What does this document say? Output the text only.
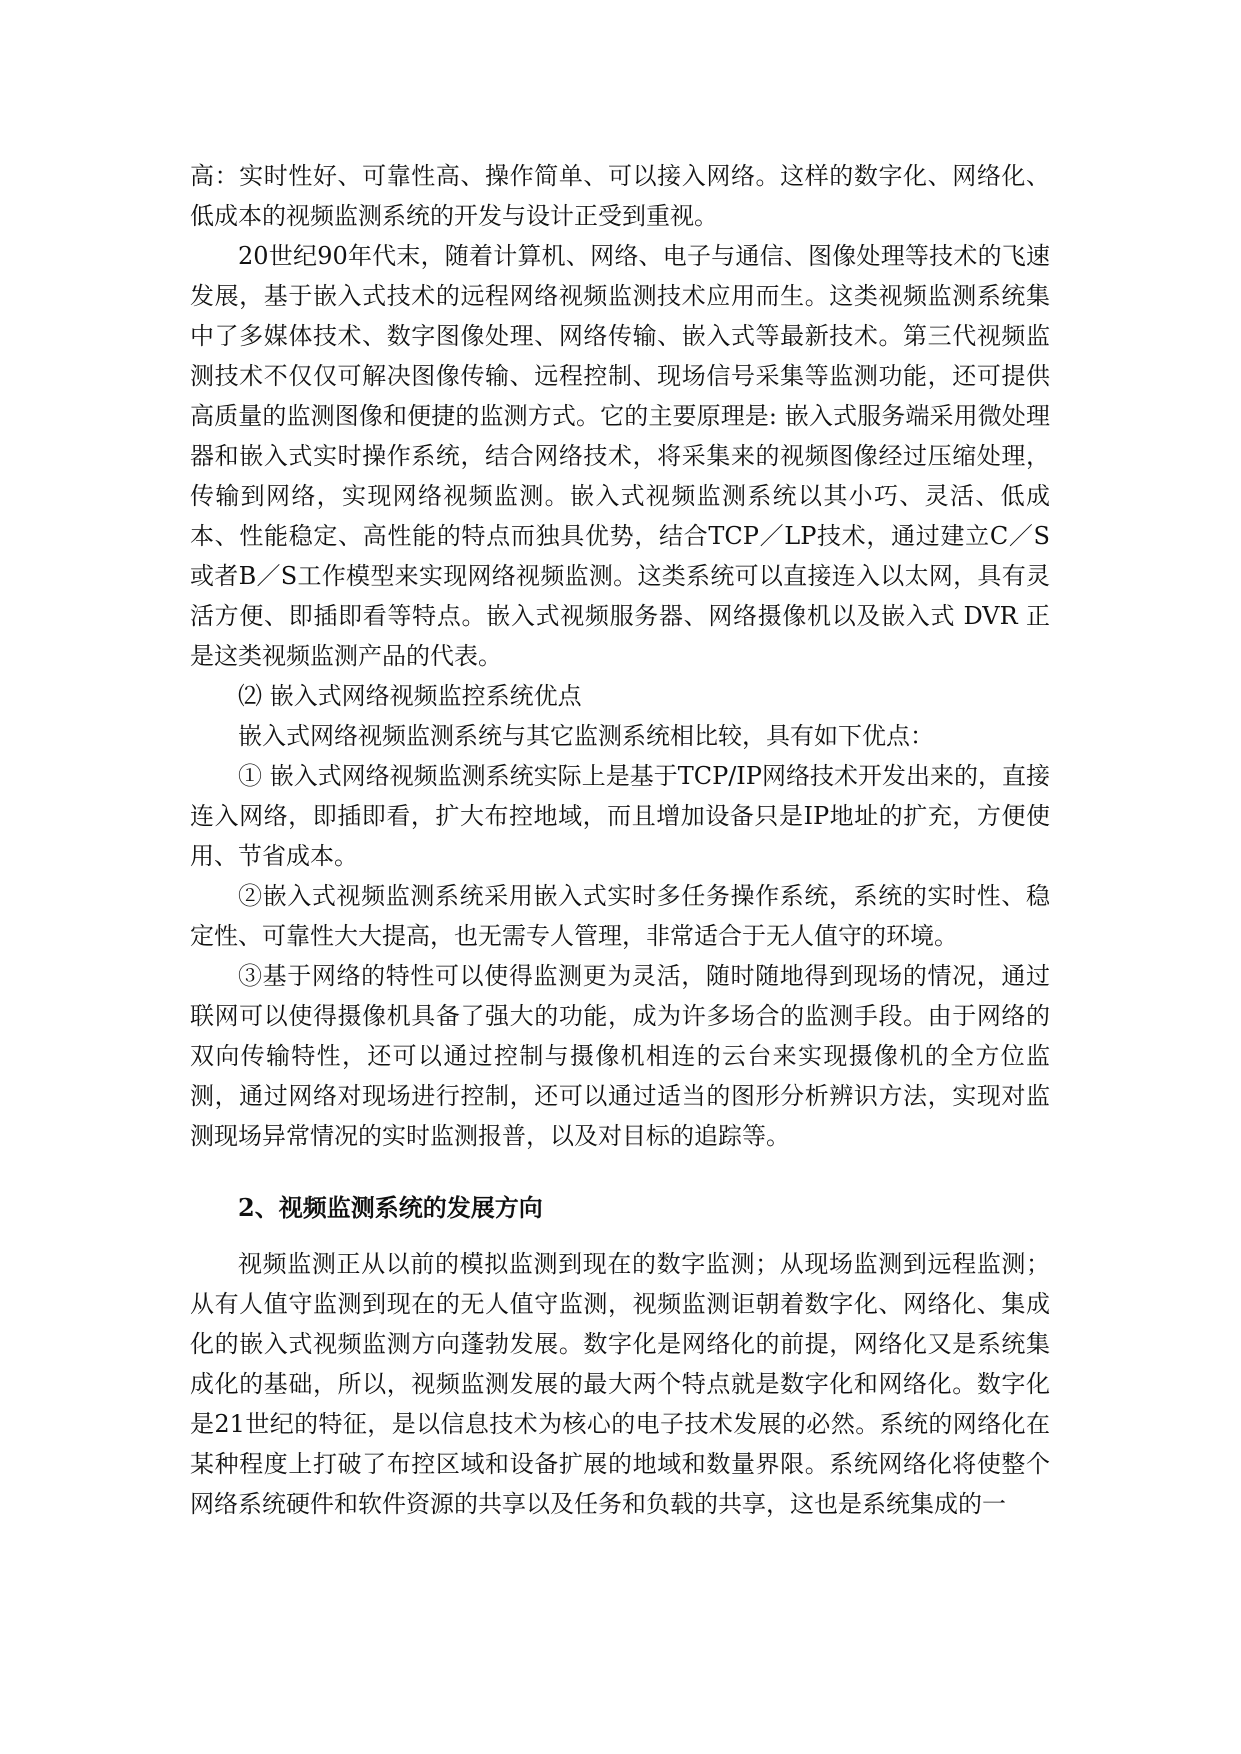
高：实时性好、可靠性高、操作简单、可以接入网络。这样的数字化、网络化、低成本的视频监测系统的开发与设计正受到重视。

20世纪90年代末，随着计算机、网络、电子与通信、图像处理等技术的飞速发展，基于嵌入式技术的远程网络视频监测技术应用而生。这类视频监测系统集中了多媒体技术、数字图像处理、网络传输、嵌入式等最新技术。第三代视频监测技术不仅仅可解决图像传输、远程控制、现场信号采集等监测功能，还可提供高质量的监测图像和便捷的监测方式。它的主要原理是: 嵌入式服务端采用微处理器和嵌入式实时操作系统，结合网络技术，将采集来的视频图像经过压缩处理，传输到网络，实现网络视频监测。嵌入式视频监测系统以其小巧、灵活、低成本、性能稳定、高性能的特点而独具优势，结合TCP／LP技术，通过建立C／S或者B／S工作模型来实现网络视频监测。这类系统可以直接连入以太网，具有灵活方便、即插即看等特点。嵌入式视频服务器、网络摄像机以及嵌入式 DVR 正是这类视频监测产品的代表。

⑵ 嵌入式网络视频监控系统优点

嵌入式网络视频监测系统与其它监测系统相比较，具有如下优点：

① 嵌入式网络视频监测系统实际上是基于TCP/IP网络技术开发出来的，直接连入网络，即插即看，扩大布控地域，而且增加设备只是IP地址的扩充，方便使用、节省成本。

②嵌入式视频监测系统采用嵌入式实时多任务操作系统，系统的实时性、稳定性、可靠性大大提高，也无需专人管理，非常适合于无人值守的环境。

③基于网络的特性可以使得监测更为灵活，随时随地得到现场的情况，通过联网可以使得摄像机具备了强大的功能，成为许多场合的监测手段。由于网络的双向传输特性，还可以通过控制与摄像机相连的云台来实现摄像机的全方位监测，通过网络对现场进行控制，还可以通过适当的图形分析辨识方法，实现对监测现场异常情况的实时监测报普，以及对目标的追踪等。

2、视频监测系统的发展方向

视频监测正从以前的模拟监测到现在的数字监测；从现场监测到远程监测；从有人值守监测到现在的无人值守监测，视频监测讵朝着数字化、网络化、集成化的嵌入式视频监测方向蓬勃发展。数字化是网络化的前提，网络化又是系统集成化的基础，所以，视频监测发展的最大两个特点就是数字化和网络化。数字化是21世纪的特征，是以信息技术为核心的电子技术发展的必然。系统的网络化在某种程度上打破了布控区域和设备扩展的地域和数量界限。系统网络化将使整个网络系统硬件和软件资源的共享以及任务和负载的共享，这也是系统集成的一
